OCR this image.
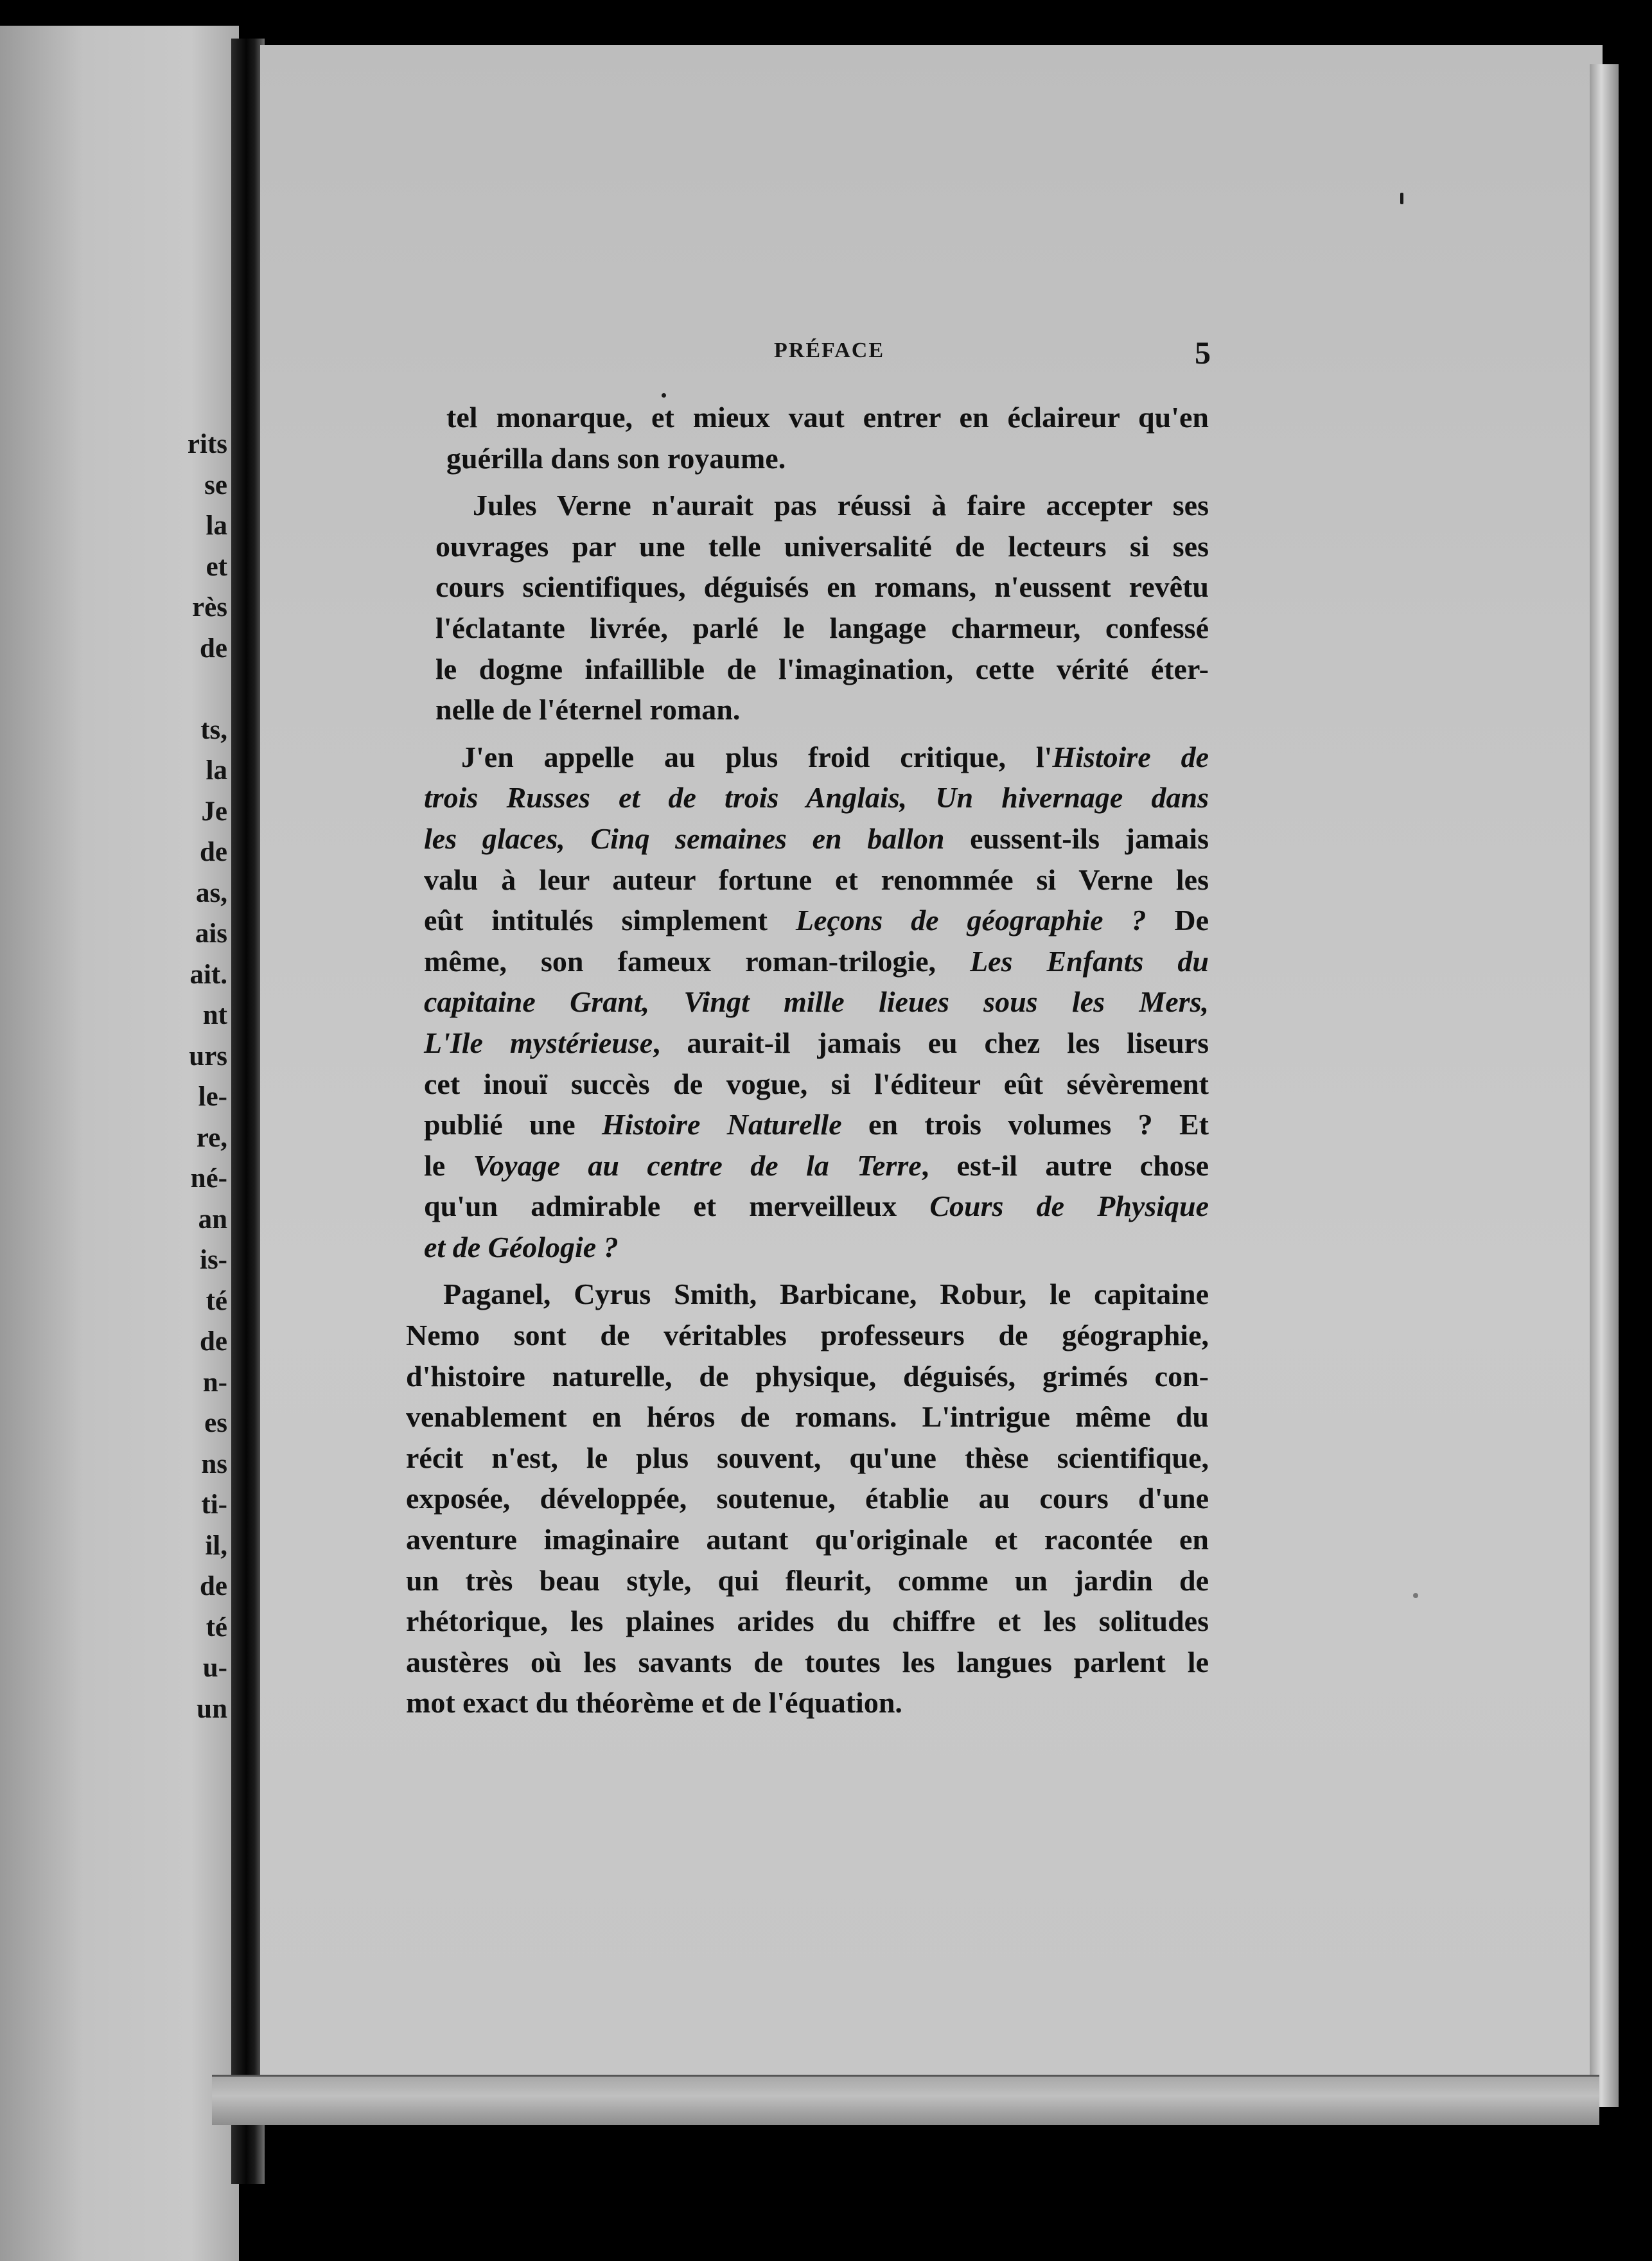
rits
se
la
et
rès
de
ts,
la
Je
de
as,
ais
ait.
nt
urs
le-
re,
né-
an
is-
té
de
n-
es
ns
ti-
il,
de
té
u-
un
PRÉFACE	5
tel monarque, et mieux vaut entrer en éclaireur qu'en
guérilla dans son royaume.
Jules Verne n'aurait pas réussi à faire accepter ses
ouvrages par une telle universalité de lecteurs si ses
cours scientifiques, déguisés en romans, n'eussent revêtu
l'éclatante livrée, parlé le langage charmeur, confessé
le dogme infaillible de l'imagination, cette vérité éter-
nelle de l'éternel roman.
J'en appelle au plus froid critique, l'Histoire de
trois Russes et de trois Anglais, Un hivernage dans
les glaces, Cinq semaines en ballon eussent-ils jamais
valu à leur auteur fortune et renommée si Verne les
eût intitulés simplement Leçons de géographie ? De
même, son fameux roman-trilogie, Les Enfants du
capitaine Grant, Vingt mille lieues sous les Mers,
L'Ile mystérieuse, aurait-il jamais eu chez les liseurs
cet inouï succès de vogue, si l'éditeur eût sévèrement
publié une Histoire Naturelle en trois volumes ? Et
le Voyage au centre de la Terre, est-il autre chose
qu'un admirable et merveilleux Cours de Physique
et de Géologie ?
Paganel, Cyrus Smith, Barbicane, Robur, le capitaine
Nemo sont de véritables professeurs de géographie,
d'histoire naturelle, de physique, déguisés, grimés con-
venablement en héros de romans. L'intrigue même du
récit n'est, le plus souvent, qu'une thèse scientifique,
exposée, développée, soutenue, établie au cours d'une
aventure imaginaire autant qu'originale et racontée en
un très beau style, qui fleurit, comme un jardin de
rhétorique, les plaines arides du chiffre et les solitudes
austères où les savants de toutes les langues parlent le
mot exact du théorème et de l'équation.
